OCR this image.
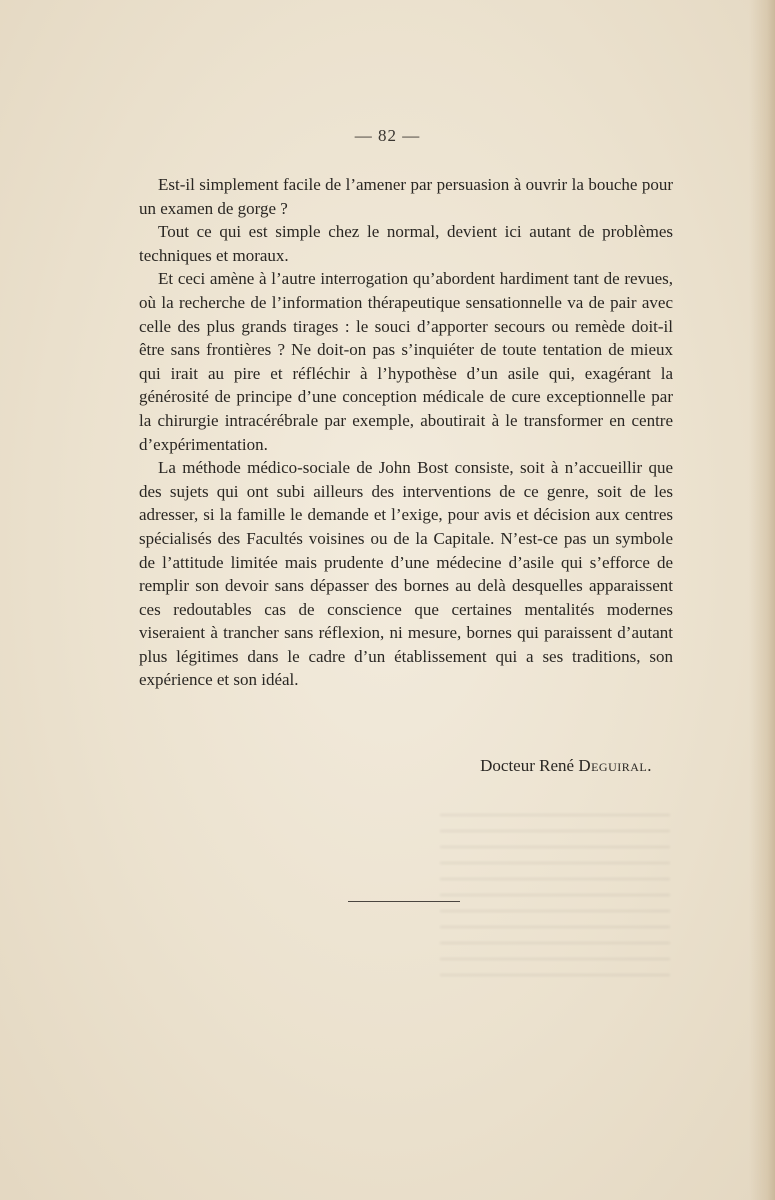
— 82 —

Est-il simplement facile de l’amener par persuasion à ouvrir la bouche pour un examen de gorge ?

Tout ce qui est simple chez le normal, devient ici autant de problèmes techniques et moraux.

Et ceci amène à l’autre interrogation qu’abordent hardiment tant de revues, où la recherche de l’information thérapeutique sensationnelle va de pair avec celle des plus grands tirages : le souci d’apporter secours ou remède doit-il être sans frontières ? Ne doit-on pas s’inquiéter de toute tentation de mieux qui irait au pire et réfléchir à l’hypothèse d’un asile qui, exagérant la générosité de principe d’une conception médicale de cure exceptionnelle par la chirurgie intracérébrale par exemple, aboutirait à le transformer en centre d’expérimentation.

La méthode médico-sociale de John Bost consiste, soit à n’accueillir que des sujets qui ont subi ailleurs des interventions de ce genre, soit de les adresser, si la famille le demande et l’exige, pour avis et décision aux centres spécialisés des Facultés voisines ou de la Capitale. N’est-ce pas un symbole de l’attitude limitée mais prudente d’une médecine d’asile qui s’efforce de remplir son devoir sans dépasser des bornes au delà desquelles apparaissent ces redoutables cas de conscience que certaines mentalités modernes viseraient à trancher sans réflexion, ni mesure, bornes qui paraissent d’autant plus légitimes dans le cadre d’un établissement qui a ses traditions, son expérience et son idéal.

Docteur René Deguiral.
